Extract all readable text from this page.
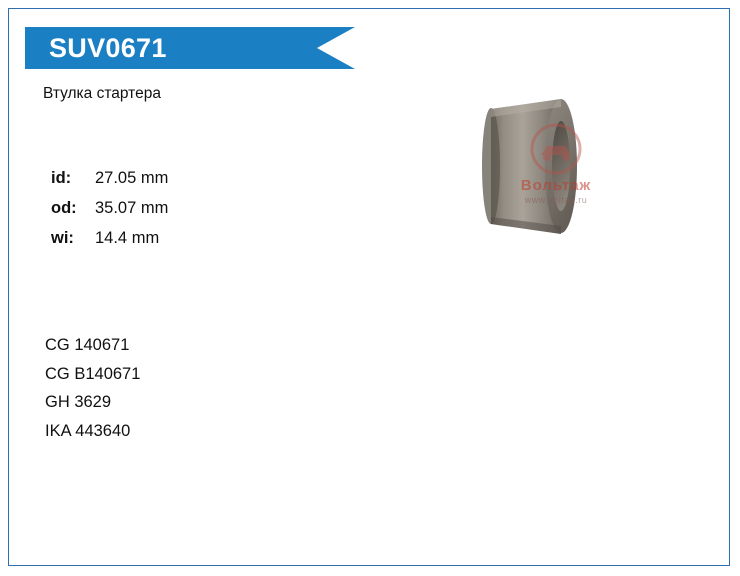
SUV0671
Втулка стартера
id:	27.05 mm
od:	35.07 mm
wi:	14.4 mm
CG 140671
CG B140671
GH 3629
IKA 443640
Вольтаж
www.voltag.ru
